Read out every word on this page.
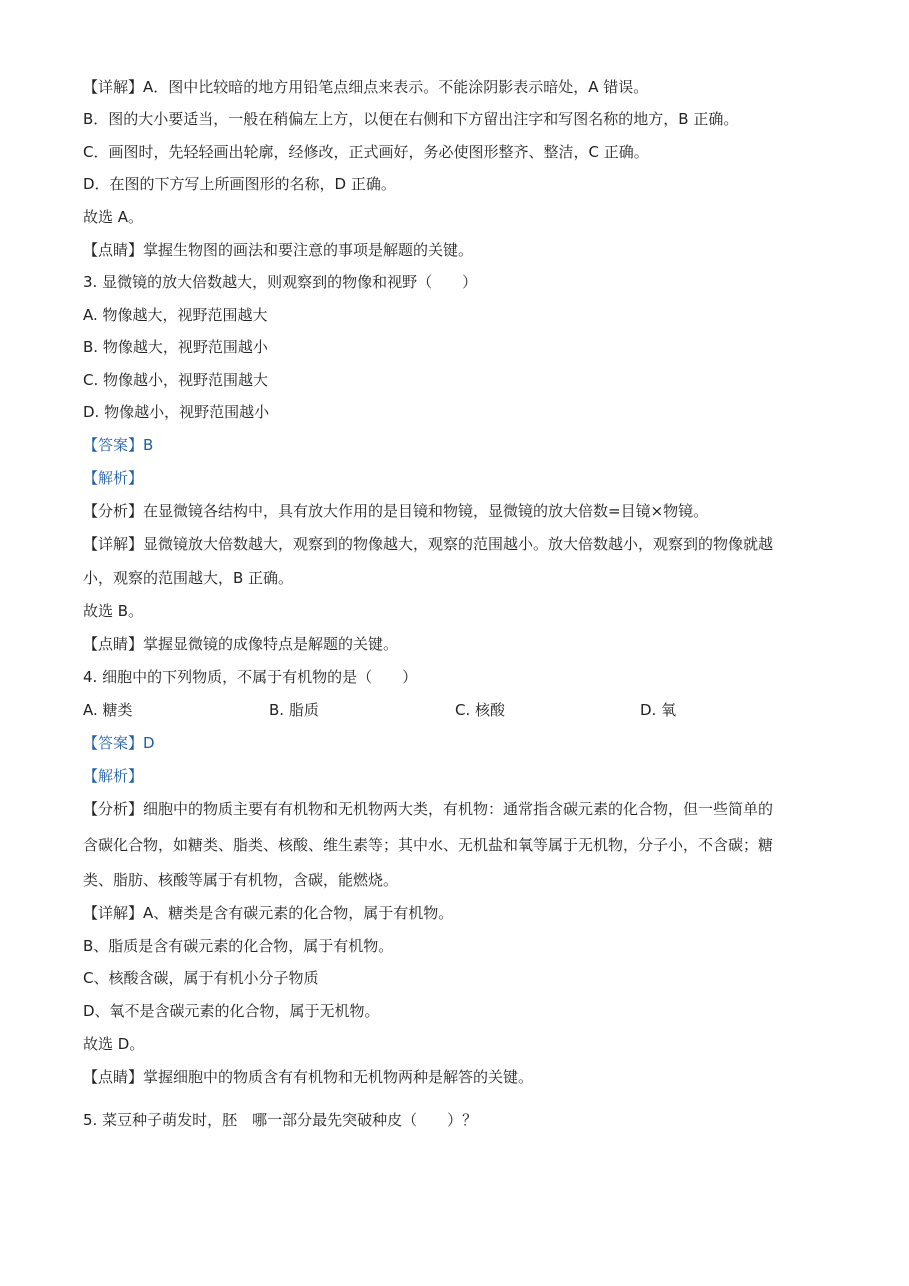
【详解】A．图中比较暗的地方用铅笔点细点来表示。不能涂阴影表示暗处，A 错误。
B．图的大小要适当，一般在稍偏左上方，以便在右侧和下方留出注字和写图名称的地方，B 正确。
C．画图时，先轻轻画出轮廓，经修改，正式画好，务必使图形整齐、整洁，C 正确。
D．在图的下方写上所画图形的名称，D 正确。
故选 A。
【点睛】掌握生物图的画法和要注意的事项是解题的关键。
3. 显微镜的放大倍数越大，则观察到的物像和视野（　　）
A. 物像越大，视野范围越大
B. 物像越大，视野范围越小
C. 物像越小，视野范围越大
D. 物像越小，视野范围越小
【答案】B
【解析】
【分析】在显微镜各结构中，具有放大作用的是目镜和物镜，显微镜的放大倍数=目镜×物镜。
【详解】显微镜放大倍数越大，观察到的物像越大，观察的范围越小。放大倍数越小，观察到的物像就越
小，观察的范围越大，B 正确。
故选 B。
【点睛】掌握显微镜的成像特点是解题的关键。
4. 细胞中的下列物质，不属于有机物的是（　　）
A. 糖类	B. 脂质	C. 核酸	D. 氧
【答案】D
【解析】
【分析】细胞中的物质主要有有机物和无机物两大类，有机物：通常指含碳元素的化合物，但一些简单的
含碳化合物，如糖类、脂类、核酸、维生素等；其中水、无机盐和氧等属于无机物，分子小，不含碳；糖
类、脂肪、核酸等属于有机物，含碳，能燃烧。
【详解】A、糖类是含有碳元素的化合物，属于有机物。
B、脂质是含有碳元素的化合物，属于有机物。
C、核酸含碳，属于有机小分子物质
D、氧不是含碳元素的化合物，属于无机物。
故选 D。
【点睛】掌握细胞中的物质含有有机物和无机物两种是解答的关键。
5. 菜豆种子萌发时，胚　哪一部分最先突破种皮（　　）？
